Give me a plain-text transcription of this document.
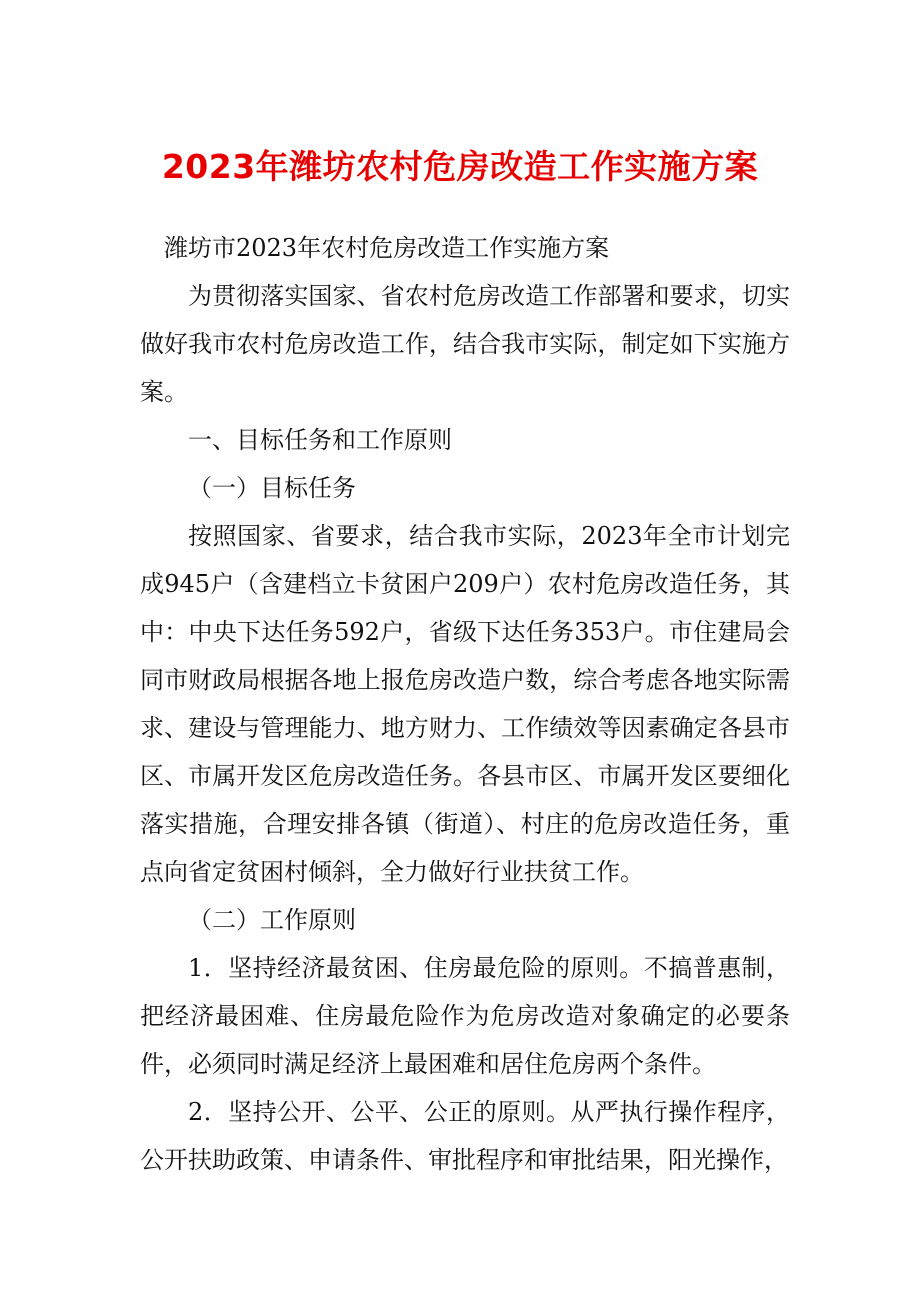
2023年潍坊农村危房改造工作实施方案

潍坊市2023年农村危房改造工作实施方案

为贯彻落实国家、省农村危房改造工作部署和要求，切实做好我市农村危房改造工作，结合我市实际，制定如下实施方案。

一、目标任务和工作原则

（一）目标任务

按照国家、省要求，结合我市实际，2023年全市计划完成945户（含建档立卡贫困户209户）农村危房改造任务，其中：中央下达任务592户，省级下达任务353户。市住建局会同市财政局根据各地上报危房改造户数，综合考虑各地实际需求、建设与管理能力、地方财力、工作绩效等因素确定各县市区、市属开发区危房改造任务。各县市区、市属开发区要细化落实措施，合理安排各镇（街道）、村庄的危房改造任务，重点向省定贫困村倾斜，全力做好行业扶贫工作。

（二）工作原则

1．坚持经济最贫困、住房最危险的原则。不搞普惠制，把经济最困难、住房最危险作为危房改造对象确定的必要条件，必须同时满足经济上最困难和居住危房两个条件。

2．坚持公开、公平、公正的原则。从严执行操作程序，公开扶助政策、申请条件、审批程序和审批结果，阳光操作，
